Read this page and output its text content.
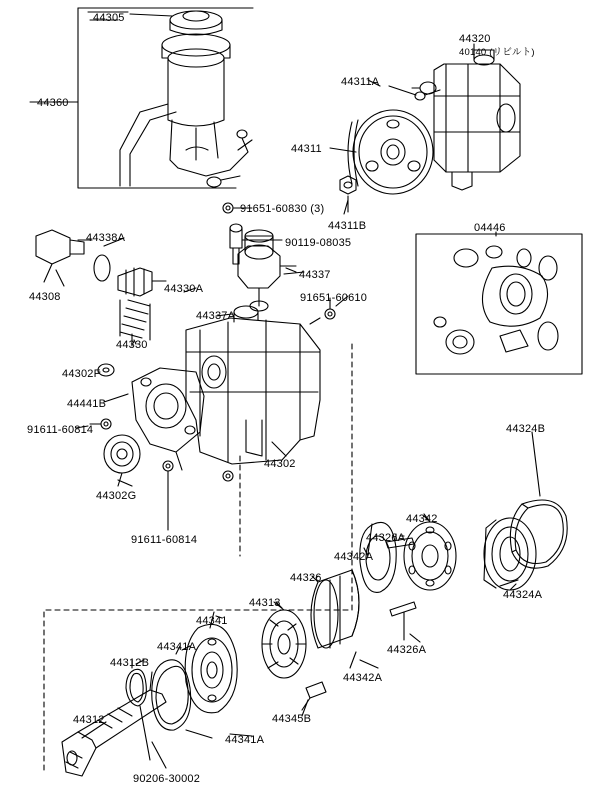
44305
44320
40140 (リビルト)
44311A
44360
44311
91651-60830 (3)
44311B	04446
90119-08035
44338A
44337
44308
44330A
91651-60610
44337A
44330
44302F
44441B
91611-60814	44324B
44302
44302G
91611-60814
44342
44326A
44324A
44342A
44326
44313
44326A
44341
44341A
44342A
44312B
44345B
44312
44341A
90206-30002
